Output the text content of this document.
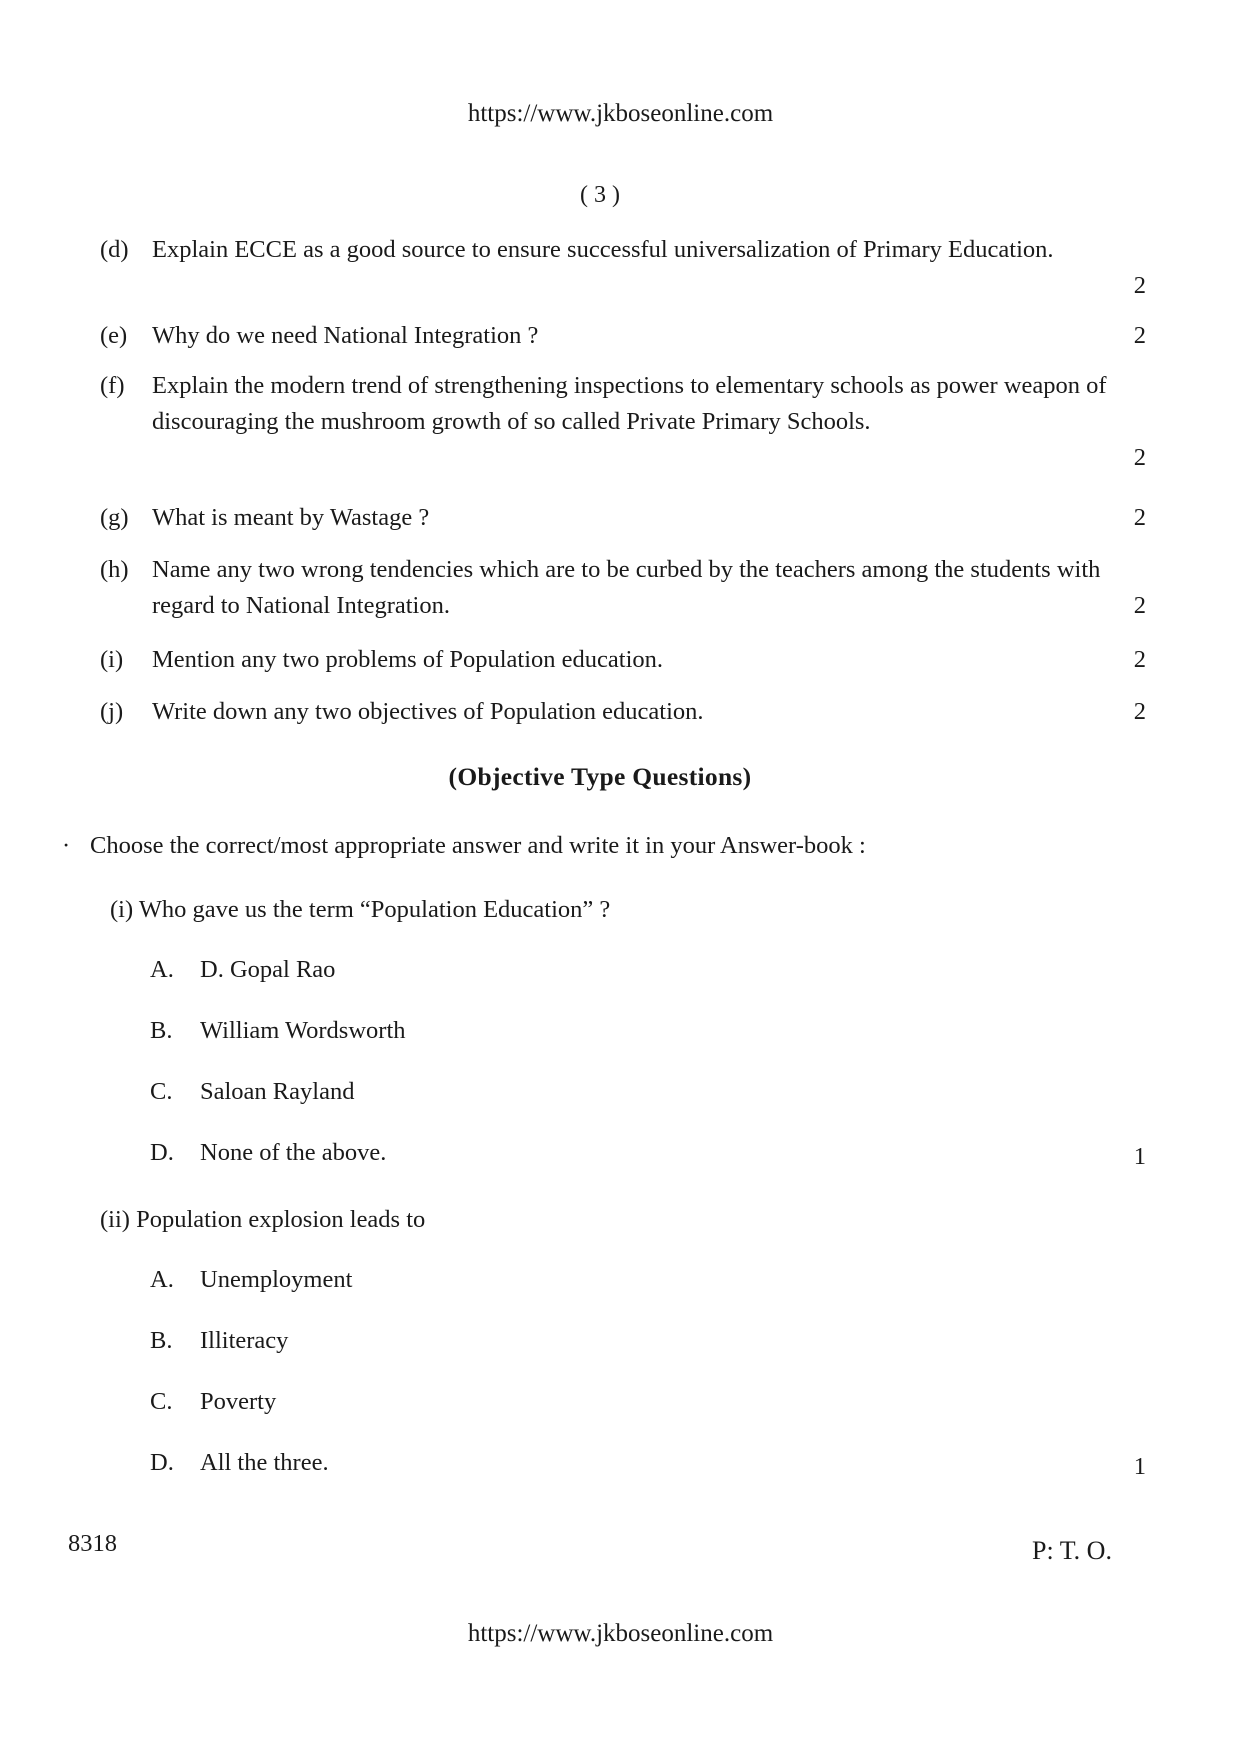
https://www.jkboseonline.com
( 3 )
(d) Explain ECCE as a good source to ensure successful universalization of Primary Education.
2
(e) Why do we need National Integration ?	2
(f) Explain the modern trend of strengthening inspections to elementary schools as power weapon of discouraging the mushroom growth of so called Private Primary Schools.
2
(g) What is meant by Wastage ?	2
(h) Name any two wrong tendencies which are to be curbed by the teachers among the students with regard to National Integration.	2
(i) Mention any two problems of Population education.	2
(j) Write down any two objectives of Population education.	2
(Objective Type Questions)
· Choose the correct/most appropriate answer and write it in your Answer-book :
(i) Who gave us the term “Population Education” ?
A. D. Gopal Rao
B. William Wordsworth
C. Saloan Rayland
D. None of the above.	1
(ii) Population explosion leads to
A. Unemployment
B. Illiteracy
C. Poverty
D. All the three.	1
8318	P: T. O.
https://www.jkboseonline.com
